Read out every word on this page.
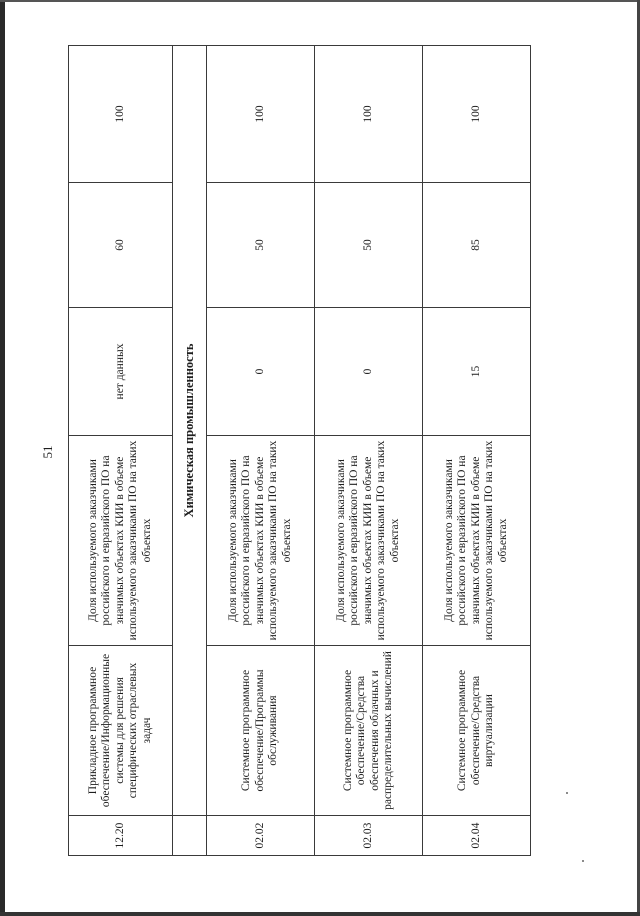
51
12.20	Прикладное программное обеспечение/Информационные системы для решения специфических отраслевых задач	Доля используемого заказчиками российского и евразийского ПО на значимых объектах КИИ в объеме используемого заказчиками ПО на таких объектах	нет данных	60	100
	Химическая промышленность				
02.02	Системное программное обеспечение/Программы обслуживания	Доля используемого заказчиками российского и евразийского ПО на значимых объектах КИИ в объеме используемого заказчиками ПО на таких объектах	0	50	100
02.03	Системное программное обеспечение/Средства обеспечения облачных и распределительных вычислений	Доля используемого заказчиками российского и евразийского ПО на значимых объектах КИИ в объеме используемого заказчиками ПО на таких объектах	0	50	100
02.04	Системное программное обеспечение/Средства виртуализации	Доля используемого заказчиками российского и евразийского ПО на значимых объектах КИИ в объеме используемого заказчиками ПО на таких объектах	15	85	100
